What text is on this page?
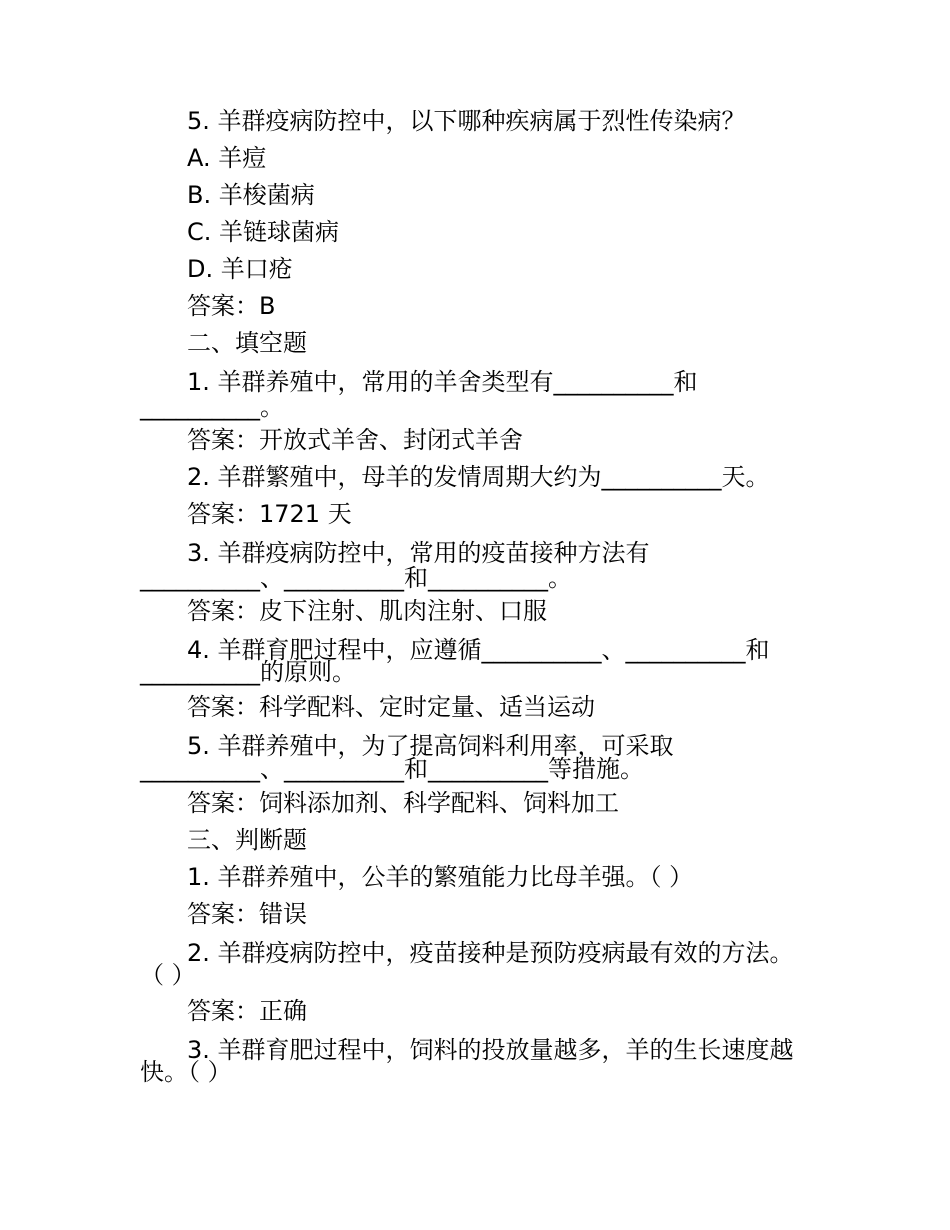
5. 羊群疫病防控中，以下哪种疾病属于烈性传染病？
A. 羊痘
B. 羊梭菌病
C. 羊链球菌病
D. 羊口疮
答案：B
二、填空题
1. 羊群养殖中，常用的羊舍类型有__________和
__________。
答案：开放式羊舍、封闭式羊舍
2. 羊群繁殖中，母羊的发情周期大约为__________天。
答案：1721 天
3. 羊群疫病防控中，常用的疫苗接种方法有
__________、__________和__________。
答案：皮下注射、肌肉注射、口服
4. 羊群育肥过程中，应遵循__________、__________和
__________的原则。
答案：科学配料、定时定量、适当运动
5. 羊群养殖中，为了提高饲料利用率，可采取
__________、__________和__________等措施。
答案：饲料添加剂、科学配料、饲料加工
三、判断题
1. 羊群养殖中，公羊的繁殖能力比母羊强。（ ）
答案：错误
2. 羊群疫病防控中，疫苗接种是预防疫病最有效的方法。
（ ）
答案：正确
3. 羊群育肥过程中，饲料的投放量越多，羊的生长速度越
快。（ ）
